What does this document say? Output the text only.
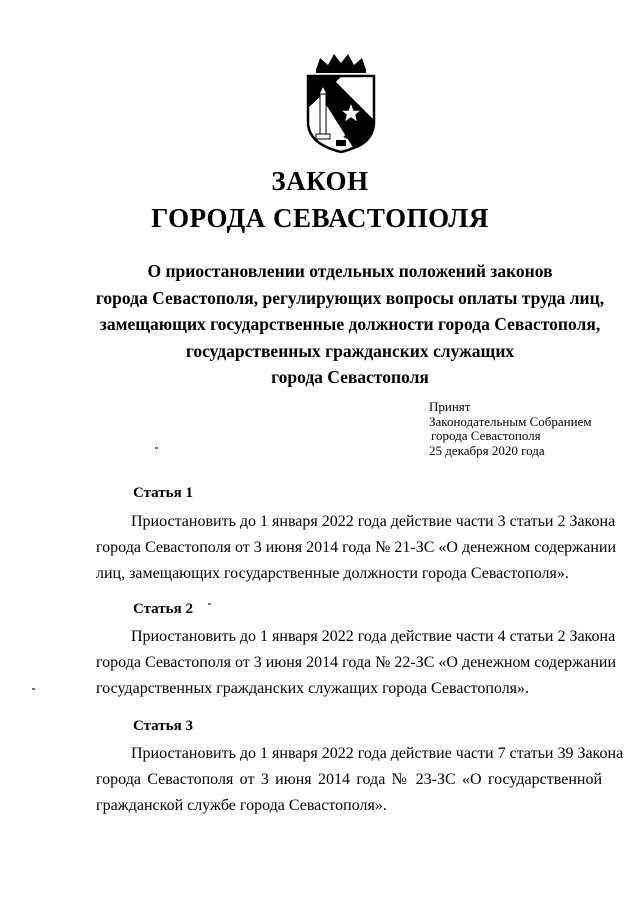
ЗАКОН
ГОРОДА СЕВАСТОПОЛЯ
О приостановлении отдельных положений законов
города Севастополя, регулирующих вопросы оплаты труда лиц,
замещающих государственные должности города Севастополя,
государственных гражданских служащих
города Севастополя
Принят
Законодательным Собранием
города Севастополя
25 декабря 2020 года
Статья 1
Приостановить до 1 января 2022 года действие части 3 статьи 2 Закона
города Севастополя от 3 июня 2014 года № 21-ЗС «О денежном содержании
лиц, замещающих государственные должности города Севастополя».
Статья 2
Приостановить до 1 января 2022 года действие части 4 статьи 2 Закона
города Севастополя от 3 июня 2014 года № 22-ЗС «О денежном содержании
государственных гражданских служащих города Севастополя».
Статья 3
Приостановить до 1 января 2022 года действие части 7 статьи 39 Закона
города Севастополя от 3 июня 2014 года № 23-ЗС «О государственной
гражданской службе города Севастополя».
